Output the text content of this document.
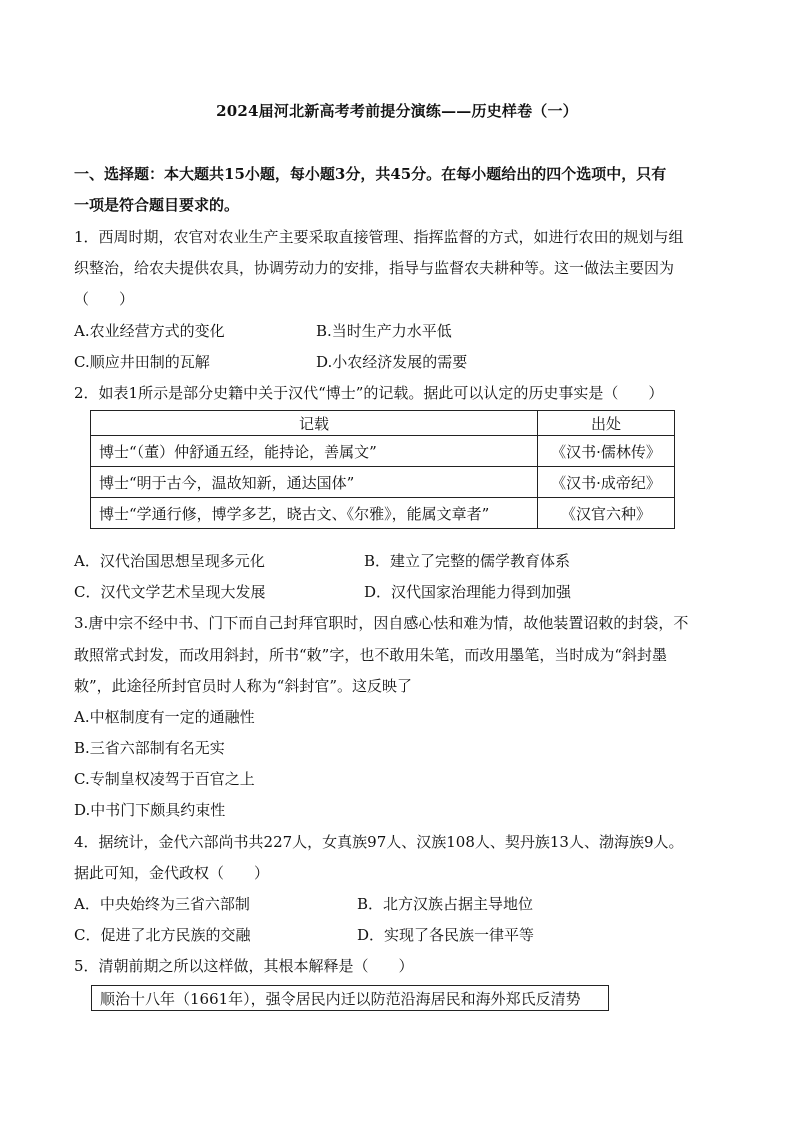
2024届河北新高考考前提分演练——历史样卷（一）
一、选择题：本大题共15小题，每小题3分，共45分。在每小题给出的四个选项中，只有
一项是符合题目要求的。
1．西周时期，农官对农业生产主要采取直接管理、指挥监督的方式，如进行农田的规划与组
织整治，给农夫提供农具，协调劳动力的安排，指导与监督农夫耕种等。这一做法主要因为
（　　）
A.农业经营方式的变化	B.当时生产力水平低
C.顺应井田制的瓦解	D.小农经济发展的需要
2．如表1所示是部分史籍中关于汉代“博士”的记载。据此可以认定的历史事实是（　　）
记载	出处
博士“（董）仲舒通五经，能持论，善属文”	《汉书·儒林传》
博士“明于古今，温故知新，通达国体”	《汉书·成帝纪》
博士“学通行修，博学多艺，晓古文、《尔雅》，能属文章者”	《汉官六种》
A．汉代治国思想呈现多元化	B．建立了完整的儒学教育体系
C．汉代文学艺术呈现大发展	D．汉代国家治理能力得到加强
3.唐中宗不经中书、门下而自己封拜官职时，因自感心怯和难为情，故他装置诏敕的封袋，不
敢照常式封发，而改用斜封，所书“敕”字，也不敢用朱笔，而改用墨笔，当时成为“斜封墨
敕”，此途径所封官员时人称为“斜封官”。这反映了
A.中枢制度有一定的通融性
B.三省六部制有名无实
C.专制皇权凌驾于百官之上
D.中书门下颇具约束性
4．据统计，金代六部尚书共227人，女真族97人、汉族108人、契丹族13人、渤海族9人。
据此可知，金代政权（　　）
A．中央始终为三省六部制	B．北方汉族占据主导地位
C．促进了北方民族的交融	D．实现了各民族一律平等
5．清朝前期之所以这样做，其根本解释是（　　）
顺治十八年（1661年），强令居民内迁以防范沿海居民和海外郑氏反清势
